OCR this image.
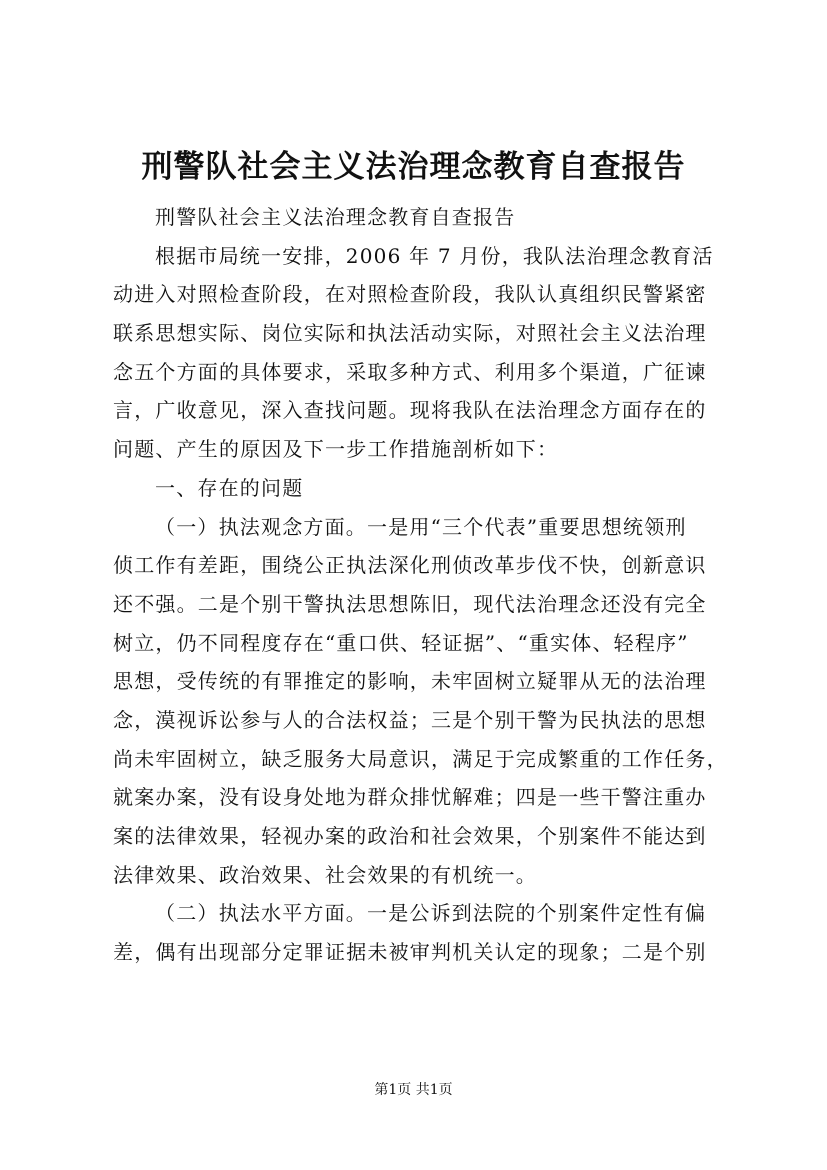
刑警队社会主义法治理念教育自查报告
刑警队社会主义法治理念教育自查报告
根据市局统一安排，2006 年 7 月份，我队法治理念教育活
动进入对照检查阶段，在对照检查阶段，我队认真组织民警紧密
联系思想实际、岗位实际和执法活动实际，对照社会主义法治理
念五个方面的具体要求，采取多种方式、利用多个渠道，广征谏
言，广收意见，深入查找问题。现将我队在法治理念方面存在的
问题、产生的原因及下一步工作措施剖析如下：
一、存在的问题
（一）执法观念方面。一是用“三个代表”重要思想统领刑
侦工作有差距，围绕公正执法深化刑侦改革步伐不快，创新意识
还不强。二是个别干警执法思想陈旧，现代法治理念还没有完全
树立，仍不同程度存在“重口供、轻证据”、“重实体、轻程序”
思想，受传统的有罪推定的影响，未牢固树立疑罪从无的法治理
念，漠视诉讼参与人的合法权益；三是个别干警为民执法的思想
尚未牢固树立，缺乏服务大局意识，满足于完成繁重的工作任务，
就案办案，没有设身处地为群众排忧解难；四是一些干警注重办
案的法律效果，轻视办案的政治和社会效果，个别案件不能达到
法律效果、政治效果、社会效果的有机统一。
（二）执法水平方面。一是公诉到法院的个别案件定性有偏
差，偶有出现部分定罪证据未被审判机关认定的现象；二是个别
第1页 共1页
